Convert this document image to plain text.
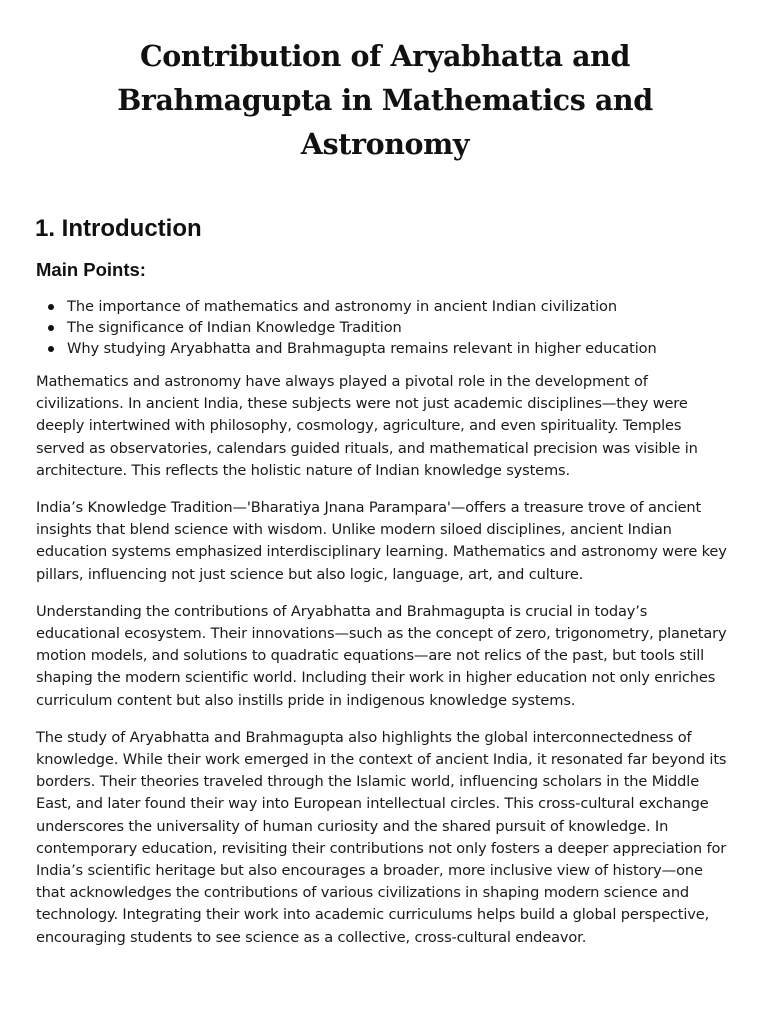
Contribution of Aryabhatta and Brahmagupta in Mathematics and Astronomy
1. Introduction
Main Points:
The importance of mathematics and astronomy in ancient Indian civilization
The significance of Indian Knowledge Tradition
Why studying Aryabhatta and Brahmagupta remains relevant in higher education

Mathematics and astronomy have always played a pivotal role in the development of civilizations. In ancient India, these subjects were not just academic disciplines—they were deeply intertwined with philosophy, cosmology, agriculture, and even spirituality. Temples served as observatories, calendars guided rituals, and mathematical precision was visible in architecture. This reflects the holistic nature of Indian knowledge systems.

India’s Knowledge Tradition—'Bharatiya Jnana Parampara'—offers a treasure trove of ancient insights that blend science with wisdom. Unlike modern siloed disciplines, ancient Indian education systems emphasized interdisciplinary learning. Mathematics and astronomy were key pillars, influencing not just science but also logic, language, art, and culture.

Understanding the contributions of Aryabhatta and Brahmagupta is crucial in today’s educational ecosystem. Their innovations—such as the concept of zero, trigonometry, planetary motion models, and solutions to quadratic equations—are not relics of the past, but tools still shaping the modern scientific world. Including their work in higher education not only enriches curriculum content but also instills pride in indigenous knowledge systems.

The study of Aryabhatta and Brahmagupta also highlights the global interconnectedness of knowledge. While their work emerged in the context of ancient India, it resonated far beyond its borders. Their theories traveled through the Islamic world, influencing scholars in the Middle East, and later found their way into European intellectual circles. This cross-cultural exchange underscores the universality of human curiosity and the shared pursuit of knowledge. In contemporary education, revisiting their contributions not only fosters a deeper appreciation for India’s scientific heritage but also encourages a broader, more inclusive view of history—one that acknowledges the contributions of various civilizations in shaping modern science and technology. Integrating their work into academic curriculums helps build a global perspective, encouraging students to see science as a collective, cross-cultural endeavor.
